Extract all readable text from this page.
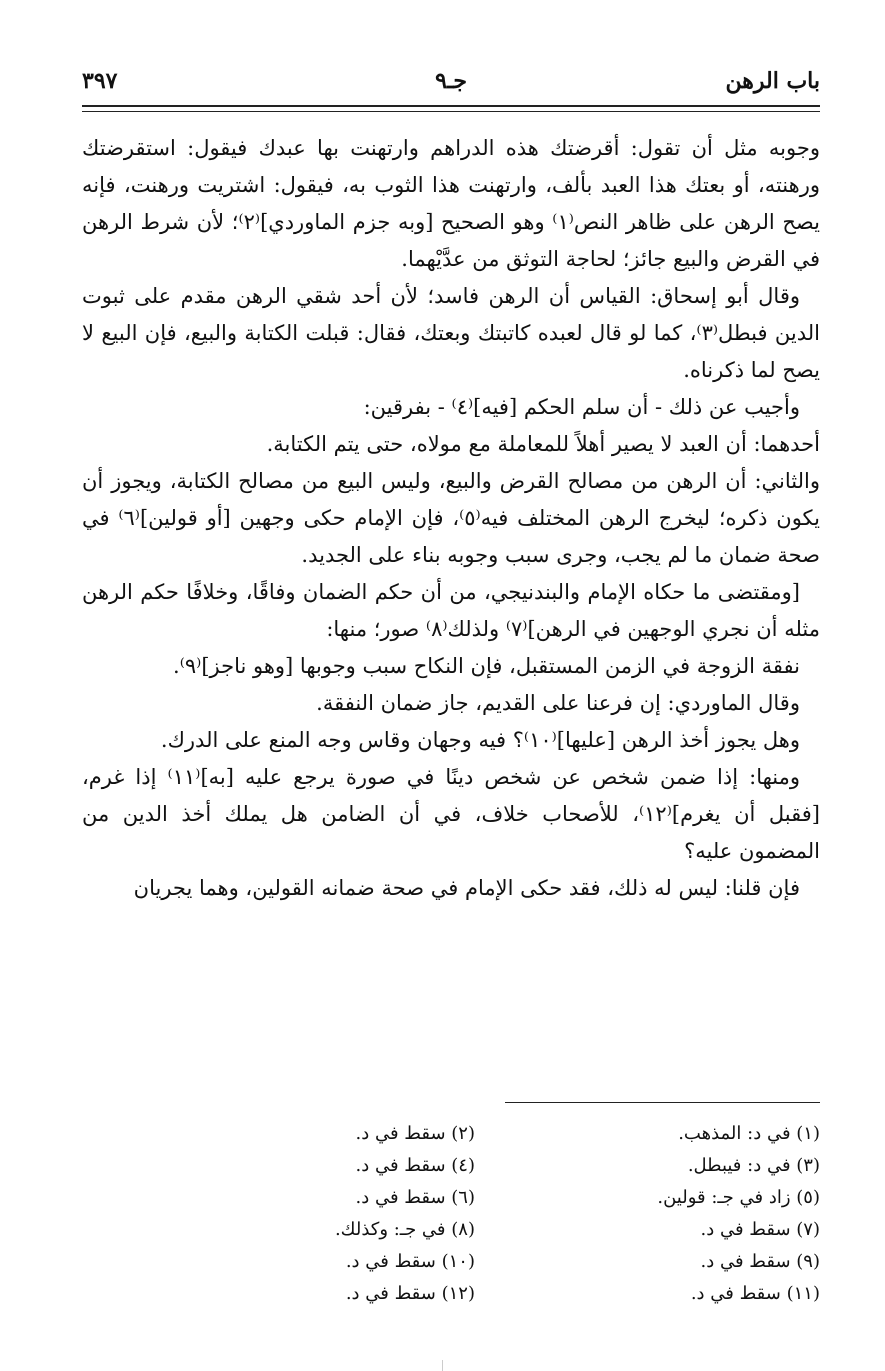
باب الرهن
جـ٩
٣٩٧

وجوبه مثل أن تقول: أقرضتك هذه الدراهم وارتهنت بها عبدك فيقول: استقرضتك ورهنته، أو بعتك هذا العبد بألف، وارتهنت هذا الثوب به، فيقول: اشتريت ورهنت، فإنه يصح الرهن على ظاهر النص⁽١⁾ وهو الصحيح [وبه جزم الماوردي]⁽٢⁾؛ لأن شرط الرهن في القرض والبيع جائز؛ لحاجة التوثق من عدَّيْهما.

وقال أبو إسحاق: القياس أن الرهن فاسد؛ لأن أحد شقي الرهن مقدم على ثبوت الدين فبطل⁽٣⁾، كما لو قال لعبده كاتبتك وبعتك، فقال: قبلت الكتابة والبيع، فإن البيع لا يصح لما ذكرناه.

وأجيب عن ذلك - أن سلم الحكم [فيه]⁽٤⁾ - بفرقين:

أحدهما: أن العبد لا يصير أهلاً للمعاملة مع مولاه، حتى يتم الكتابة.

والثاني: أن الرهن من مصالح القرض والبيع، وليس البيع من مصالح الكتابة، ويجوز أن يكون ذكره؛ ليخرج الرهن المختلف فيه⁽٥⁾، فإن الإمام حكى وجهين [أو قولين]⁽٦⁾ في صحة ضمان ما لم يجب، وجرى سبب وجوبه بناء على الجديد.

[ومقتضى ما حكاه الإمام والبندنيجي، من أن حكم الضمان وفاقًا، وخلافًا حكم الرهن مثله أن نجري الوجهين في الرهن]⁽٧⁾ ولذلك⁽٨⁾ صور؛ منها:

نفقة الزوجة في الزمن المستقبل، فإن النكاح سبب وجوبها [وهو ناجز]⁽٩⁾.

وقال الماوردي: إن فرعنا على القديم، جاز ضمان النفقة.

وهل يجوز أخذ الرهن [عليها]⁽١٠⁾؟ فيه وجهان وقاس وجه المنع على الدرك.

ومنها: إذا ضمن شخص عن شخص دينًا في صورة يرجع عليه [به]⁽١١⁾ إذا غرم، [فقبل أن يغرم]⁽١٢⁾، للأصحاب خلاف، في أن الضامن هل يملك أخذ الدين من المضمون عليه؟

فإن قلنا: ليس له ذلك، فقد حكى الإمام في صحة ضمانه القولين، وهما يجريان

(١) في د: المذهب.
(٣) في د: فيبطل.
(٥) زاد في جـ: قولين.
(٧) سقط في د.
(٩) سقط في د.
(١١) سقط في د.
(٢) سقط في د.
(٤) سقط في د.
(٦) سقط في د.
(٨) في جـ: وكذلك.
(١٠) سقط في د.
(١٢) سقط في د.
